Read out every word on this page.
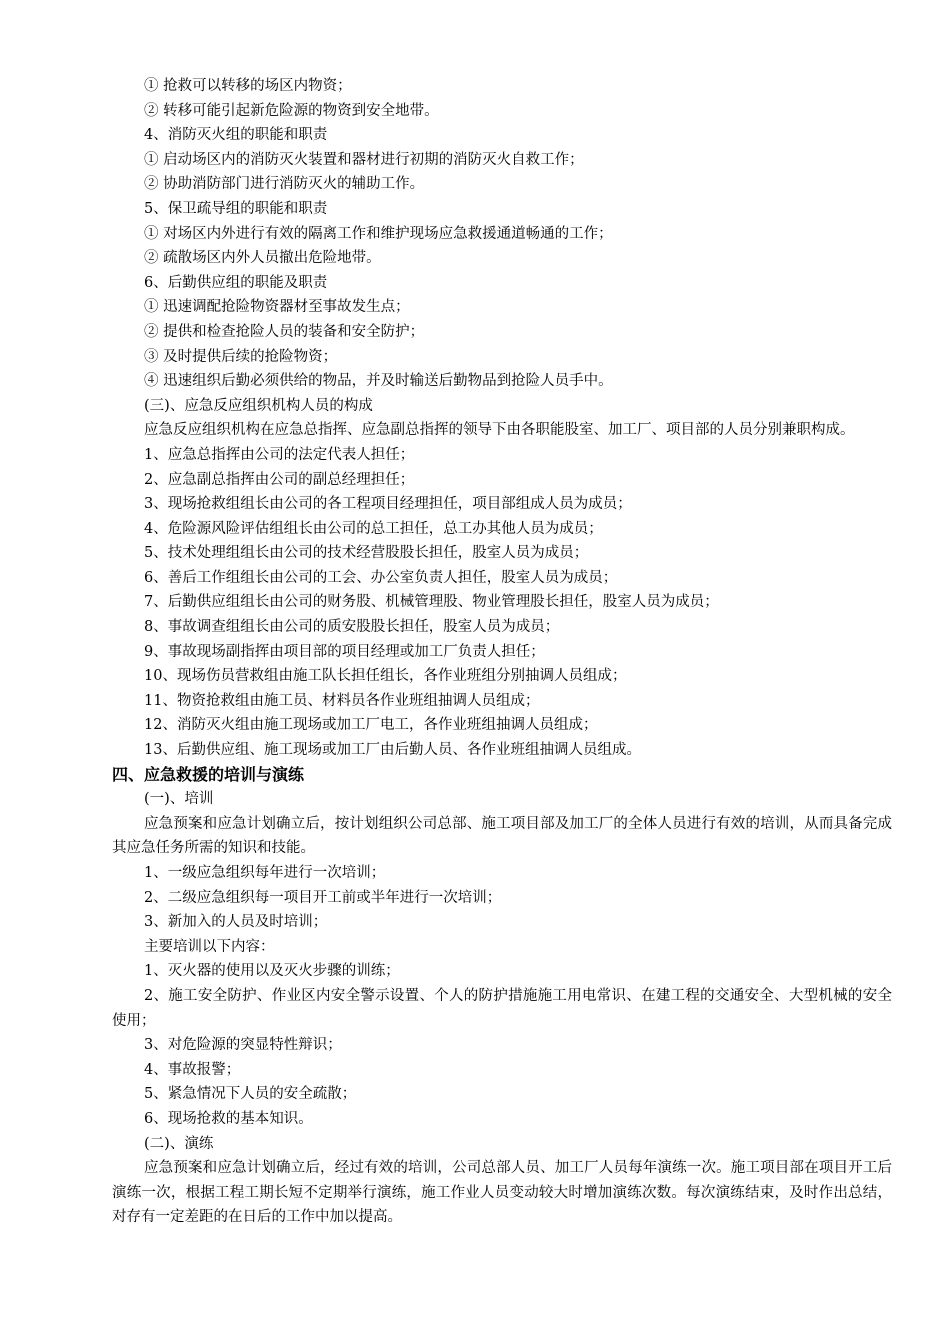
① 抢救可以转移的场区内物资；
② 转移可能引起新危险源的物资到安全地带。
4、消防灭火组的职能和职责
① 启动场区内的消防灭火装置和器材进行初期的消防灭火自救工作；
② 协助消防部门进行消防灭火的辅助工作。
5、保卫疏导组的职能和职责
① 对场区内外进行有效的隔离工作和维护现场应急救援通道畅通的工作；
② 疏散场区内外人员撤出危险地带。
6、后勤供应组的职能及职责
① 迅速调配抢险物资器材至事故发生点；
② 提供和检查抢险人员的装备和安全防护；
③ 及时提供后续的抢险物资；
④ 迅速组织后勤必须供给的物品，并及时输送后勤物品到抢险人员手中。
(三)、应急反应组织机构人员的构成
应急反应组织机构在应急总指挥、应急副总指挥的领导下由各职能股室、加工厂、项目部的人员分别兼职构成。
1、应急总指挥由公司的法定代表人担任；
2、应急副总指挥由公司的副总经理担任；
3、现场抢救组组长由公司的各工程项目经理担任，项目部组成人员为成员；
4、危险源风险评估组组长由公司的总工担任，总工办其他人员为成员；
5、技术处理组组长由公司的技术经营股股长担任，股室人员为成员；
6、善后工作组组长由公司的工会、办公室负责人担任，股室人员为成员；
7、后勤供应组组长由公司的财务股、机械管理股、物业管理股长担任，股室人员为成员；
8、事故调查组组长由公司的质安股股长担任，股室人员为成员；
9、事故现场副指挥由项目部的项目经理或加工厂负责人担任；
10、现场伤员营救组由施工队长担任组长，各作业班组分别抽调人员组成；
11、物资抢救组由施工员、材料员各作业班组抽调人员组成；
12、消防灭火组由施工现场或加工厂电工，各作业班组抽调人员组成；
13、后勤供应组、施工现场或加工厂由后勤人员、各作业班组抽调人员组成。
四、应急救援的培训与演练
(一)、培训
应急预案和应急计划确立后，按计划组织公司总部、施工项目部及加工厂的全体人员进行有效的培训，从而具备完成其应急任务所需的知识和技能。
1、一级应急组织每年进行一次培训；
2、二级应急组织每一项目开工前或半年进行一次培训；
3、新加入的人员及时培训；
主要培训以下内容：
1、灭火器的使用以及灭火步骤的训练；
2、施工安全防护、作业区内安全警示设置、个人的防护措施施工用电常识、在建工程的交通安全、大型机械的安全使用；
3、对危险源的突显特性辩识；
4、事故报警；
5、紧急情况下人员的安全疏散；
6、现场抢救的基本知识。
(二)、演练
应急预案和应急计划确立后，经过有效的培训，公司总部人员、加工厂人员每年演练一次。施工项目部在项目开工后演练一次，根据工程工期长短不定期举行演练，施工作业人员变动较大时增加演练次数。每次演练结束，及时作出总结，对存有一定差距的在日后的工作中加以提高。
